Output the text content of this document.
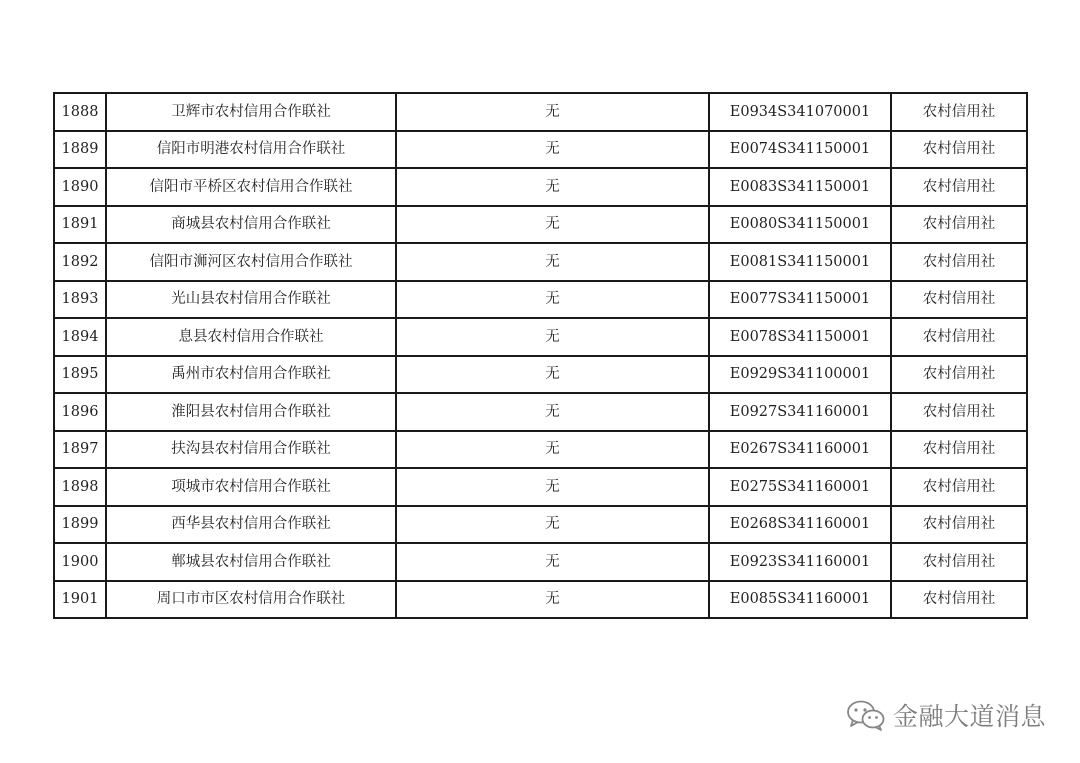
1888	卫辉市农村信用合作联社	无	E0934S341070001	农村信用社
1889	信阳市明港农村信用合作联社	无	E0074S341150001	农村信用社
1890	信阳市平桥区农村信用合作联社	无	E0083S341150001	农村信用社
1891	商城县农村信用合作联社	无	E0080S341150001	农村信用社
1892	信阳市浉河区农村信用合作联社	无	E0081S341150001	农村信用社
1893	光山县农村信用合作联社	无	E0077S341150001	农村信用社
1894	息县农村信用合作联社	无	E0078S341150001	农村信用社
1895	禹州市农村信用合作联社	无	E0929S341100001	农村信用社
1896	淮阳县农村信用合作联社	无	E0927S341160001	农村信用社
1897	扶沟县农村信用合作联社	无	E0267S341160001	农村信用社
1898	项城市农村信用合作联社	无	E0275S341160001	农村信用社
1899	西华县农村信用合作联社	无	E0268S341160001	农村信用社
1900	郸城县农村信用合作联社	无	E0923S341160001	农村信用社
1901	周口市市区农村信用合作联社	无	E0085S341160001	农村信用社
金融大道消息
